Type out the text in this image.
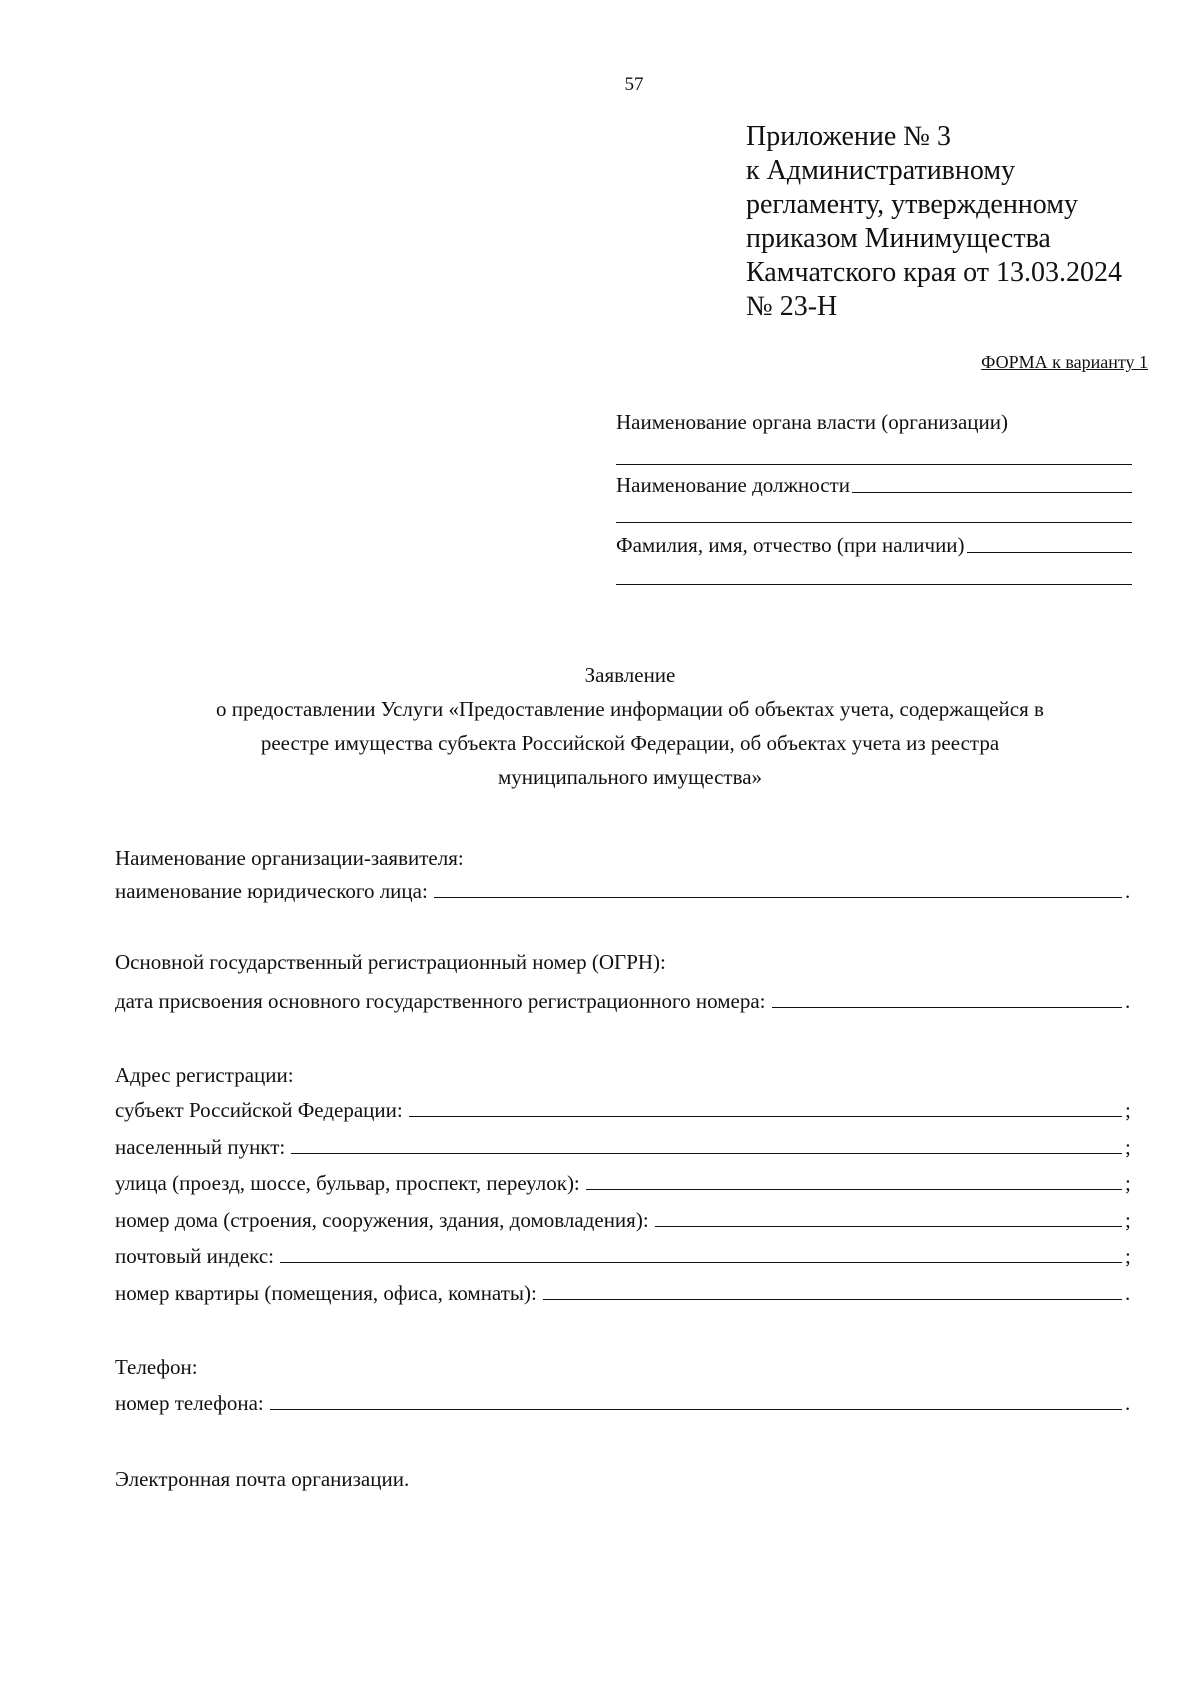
57
Приложение № 3
к Административному
регламенту, утвержденному
приказом Минимущества
Камчатского края от 13.03.2024
№ 23-Н
ФОРМА к варианту 1
Наименование органа власти (организации)
Наименование должности
Фамилия, имя, отчество (при наличии)
Заявление
о предоставлении Услуги «Предоставление информации об объектах учета, содержащейся в
реестре имущества субъекта Российской Федерации, об объектах учета из реестра
муниципального имущества»
Наименование организации-заявителя:
наименование юридического лица:	.
Основной государственный регистрационный номер (ОГРН):
дата присвоения основного государственного регистрационного номера:	.
Адрес регистрации:
субъект Российской Федерации:	;
населенный пункт:	;
улица (проезд, шоссе, бульвар, проспект, переулок):	;
номер дома (строения, сооружения, здания, домовладения):	;
почтовый индекс:	;
номер квартиры (помещения, офиса, комнаты):	.
Телефон:
номер телефона:	.
Электронная почта организации.
